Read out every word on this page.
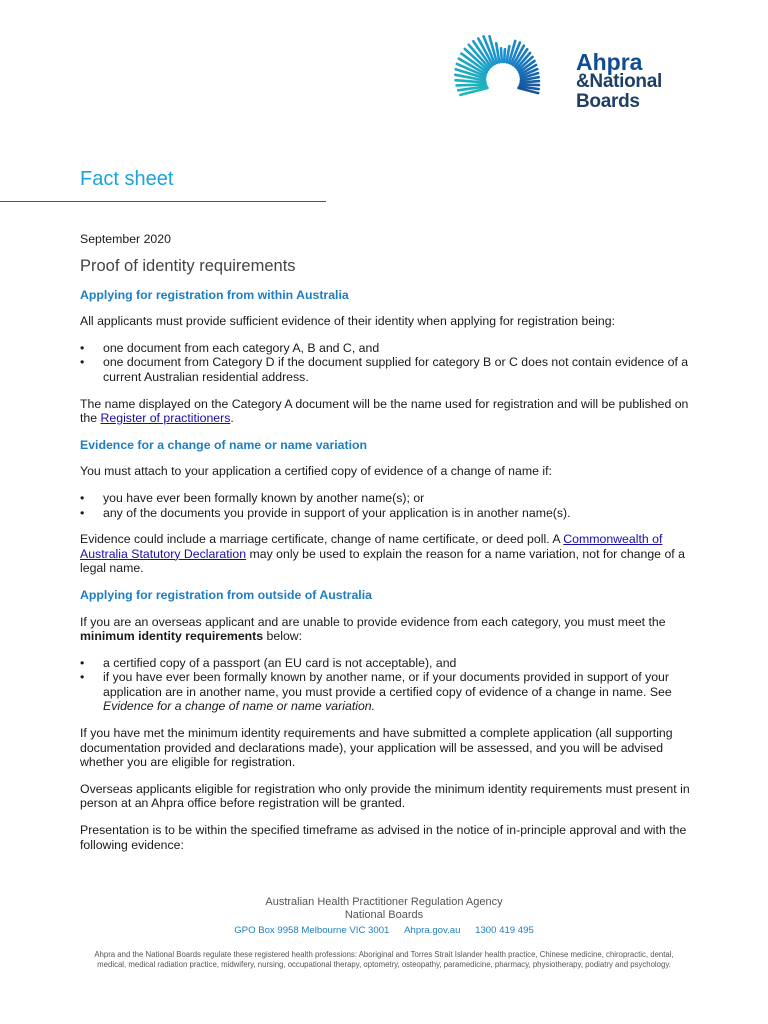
Ahpra
&National
Boards
Fact sheet
September 2020
Proof of identity requirements
Applying for registration from within Australia

All applicants must provide sufficient evidence of their identity when applying for registration being:

• one document from each category A, B and C, and
• one document from Category D if the document supplied for category B or C does not contain evidence of a current Australian residential address.

The name displayed on the Category A document will be the name used for registration and will be published on the Register of practitioners.

Evidence for a change of name or name variation

You must attach to your application a certified copy of evidence of a change of name if:

• you have ever been formally known by another name(s); or
• any of the documents you provide in support of your application is in another name(s).

Evidence could include a marriage certificate, change of name certificate, or deed poll. A Commonwealth of Australia Statutory Declaration may only be used to explain the reason for a name variation, not for change of a legal name.

Applying for registration from outside of Australia

If you are an overseas applicant and are unable to provide evidence from each category, you must meet the minimum identity requirements below:

• a certified copy of a passport (an EU card is not acceptable), and
• if you have ever been formally known by another name, or if your documents provided in support of your application are in another name, you must provide a certified copy of evidence of a change in name. See Evidence for a change of name or name variation.

If you have met the minimum identity requirements and have submitted a complete application (all supporting documentation provided and declarations made), your application will be assessed, and you will be advised whether you are eligible for registration.

Overseas applicants eligible for registration who only provide the minimum identity requirements must present in person at an Ahpra office before registration will be granted.

Presentation is to be within the specified timeframe as advised in the notice of in-principle approval and with the following evidence:

Australian Health Practitioner Regulation Agency
National Boards
GPO Box 9958 Melbourne VIC 3001 Ahpra.gov.au 1300 419 495
Ahpra and the National Boards regulate these registered health professions: Aboriginal and Torres Strait Islander health practice, Chinese medicine, chiropractic, dental, medical, medical radiation practice, midwifery, nursing, occupational therapy, optometry, osteopathy, paramedicine, pharmacy, physiotherapy, podiatry and psychology.
